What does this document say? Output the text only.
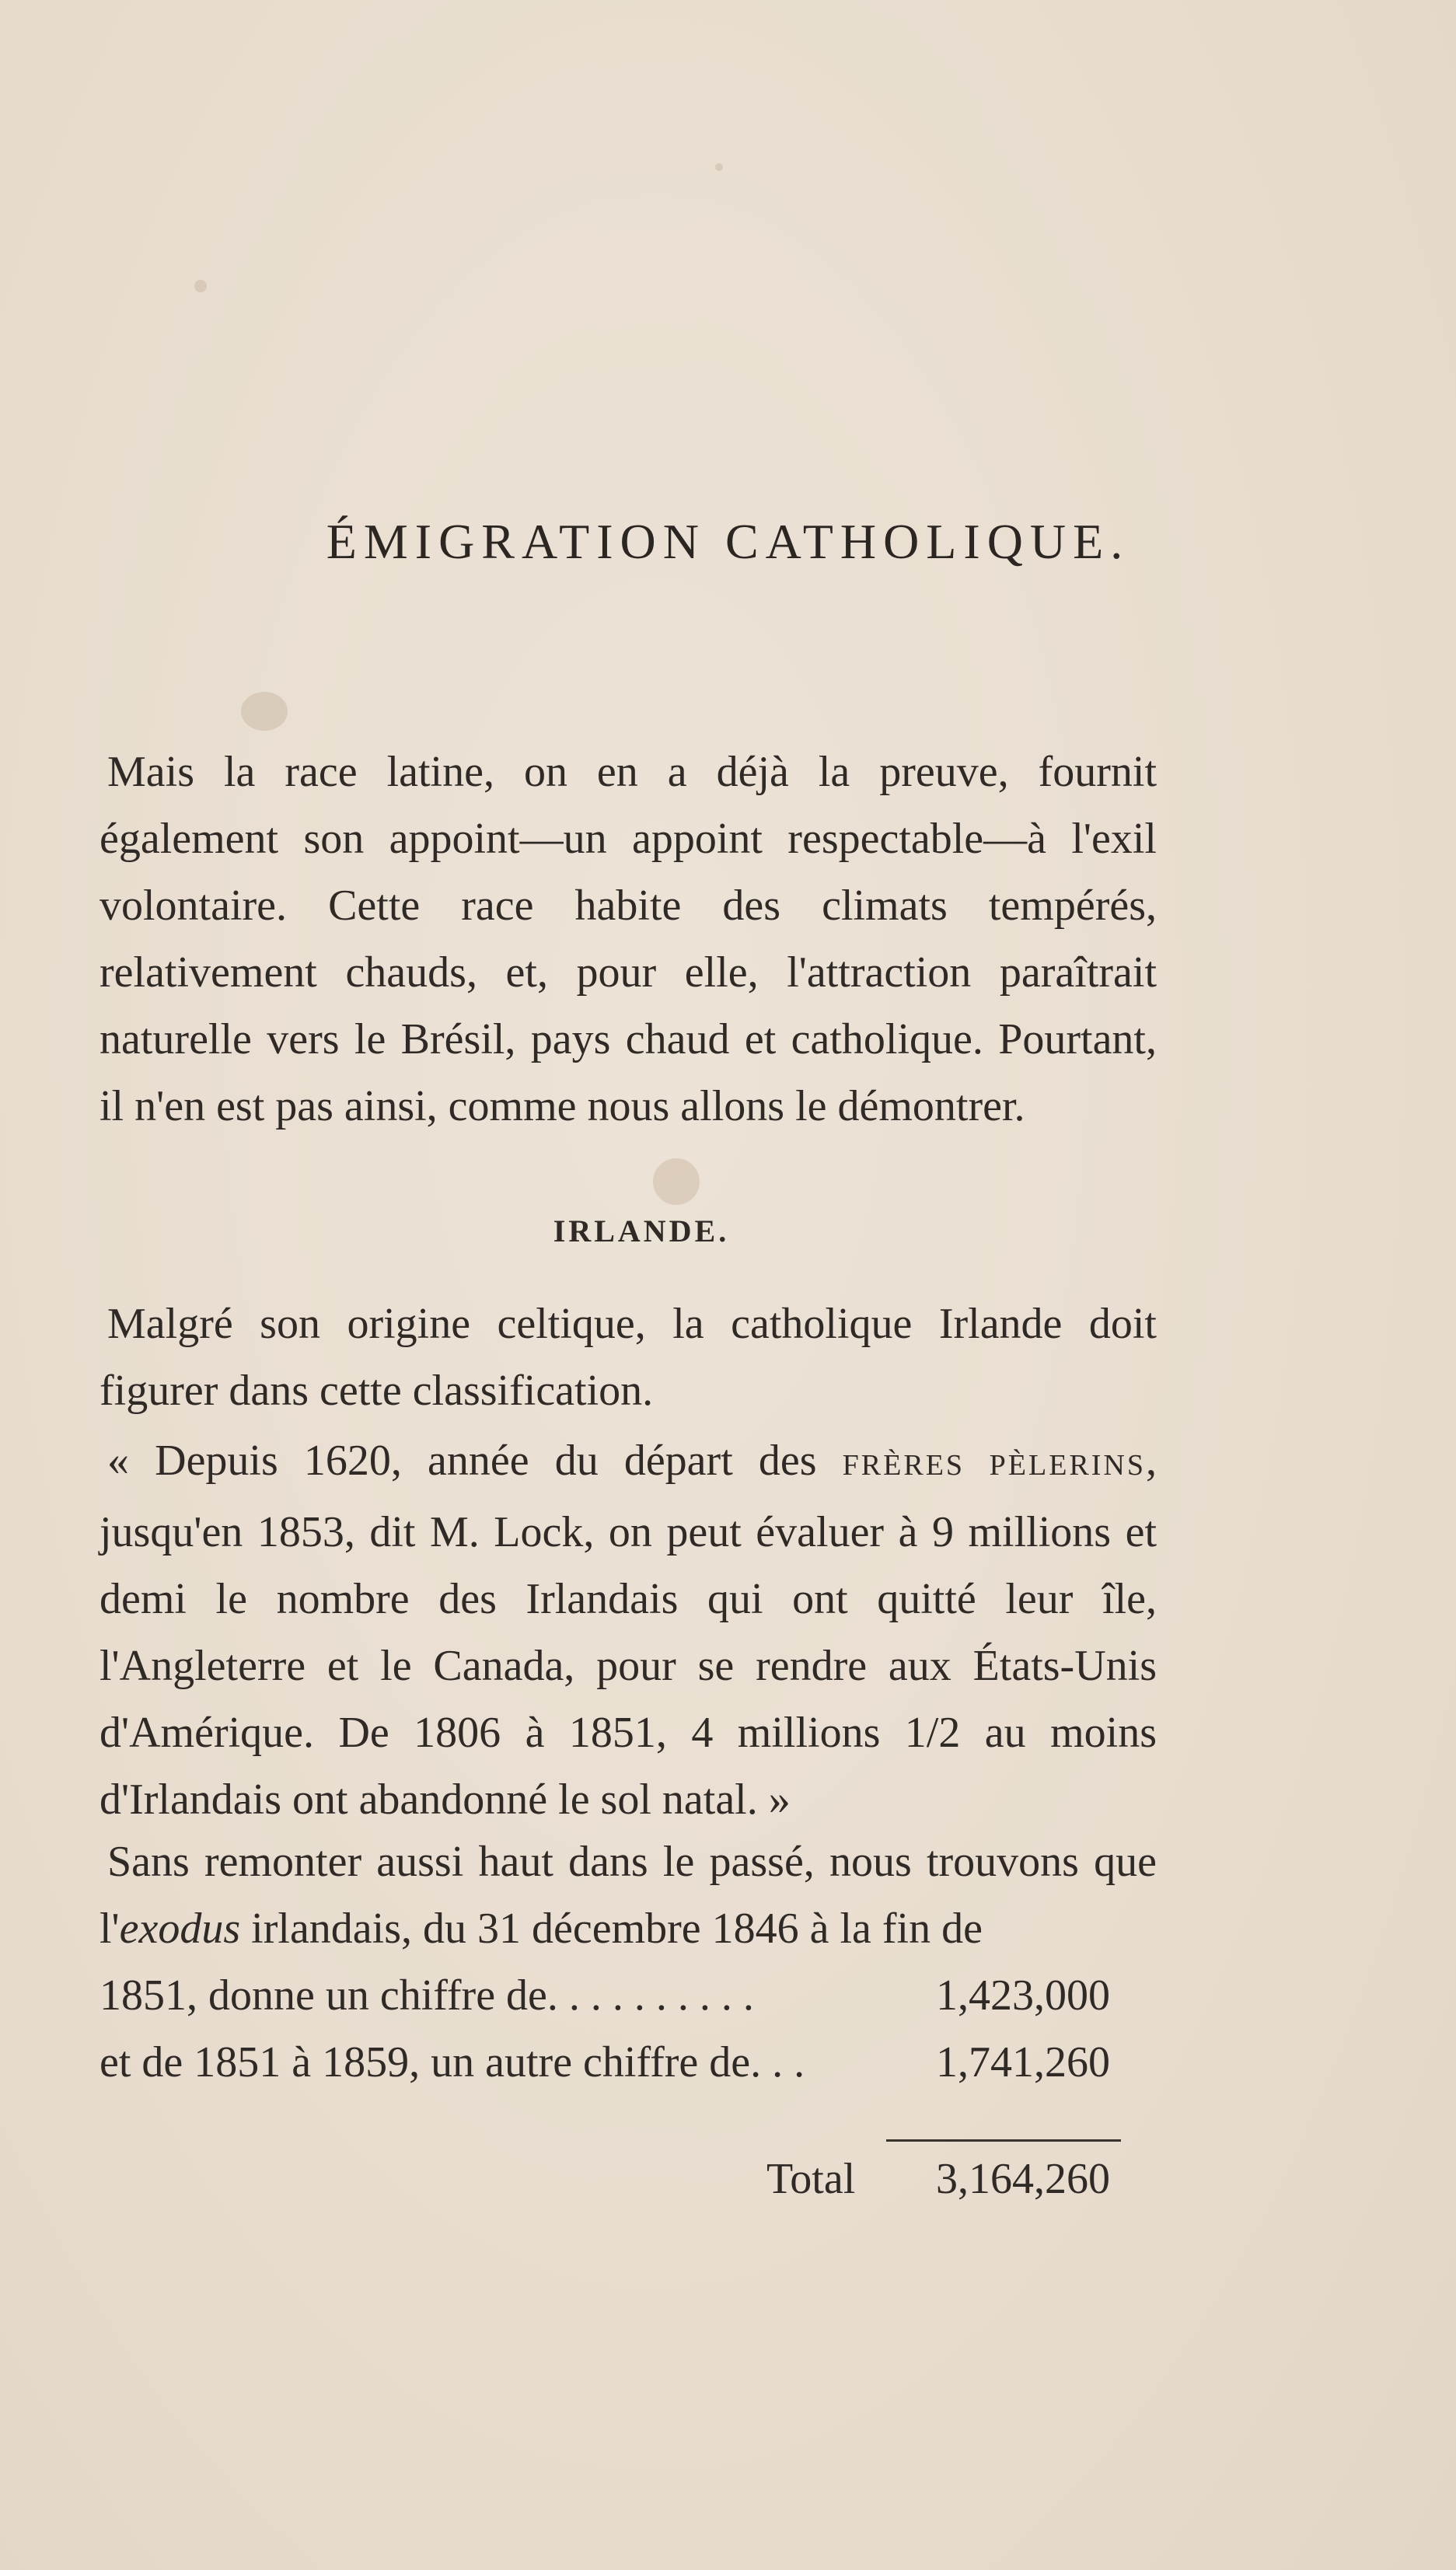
ÉMIGRATION CATHOLIQUE.

Mais la race latine, on en a déjà la preuve, fournit également son appoint—un appoint respectable—à l'exil volontaire. Cette race habite des climats tempérés, relativement chauds, et, pour elle, l'attraction paraîtrait naturelle vers le Brésil, pays chaud et catholique. Pourtant, il n'en est pas ainsi, comme nous allons le démontrer.

IRLANDE.

Malgré son origine celtique, la catholique Irlande doit figurer dans cette classification.

« Depuis 1620, année du départ des FRÈRES PÈLERINS, jusqu'en 1853, dit M. Lock, on peut évaluer à 9 millions et demi le nombre des Irlandais qui ont quitté leur île, l'Angleterre et le Canada, pour se rendre aux États-Unis d'Amérique. De 1806 à 1851, 4 millions 1/2 au moins d'Irlandais ont abandonné le sol natal. »

Sans remonter aussi haut dans le passé, nous trouvons que l'exodus irlandais, du 31 décembre 1846 à la fin de

1851, donne un chiffre de. . . . . . . . . .	1,423,000
et de 1851 à 1859, un autre chiffre de. . .	1,741,260
Total 3,164,260
